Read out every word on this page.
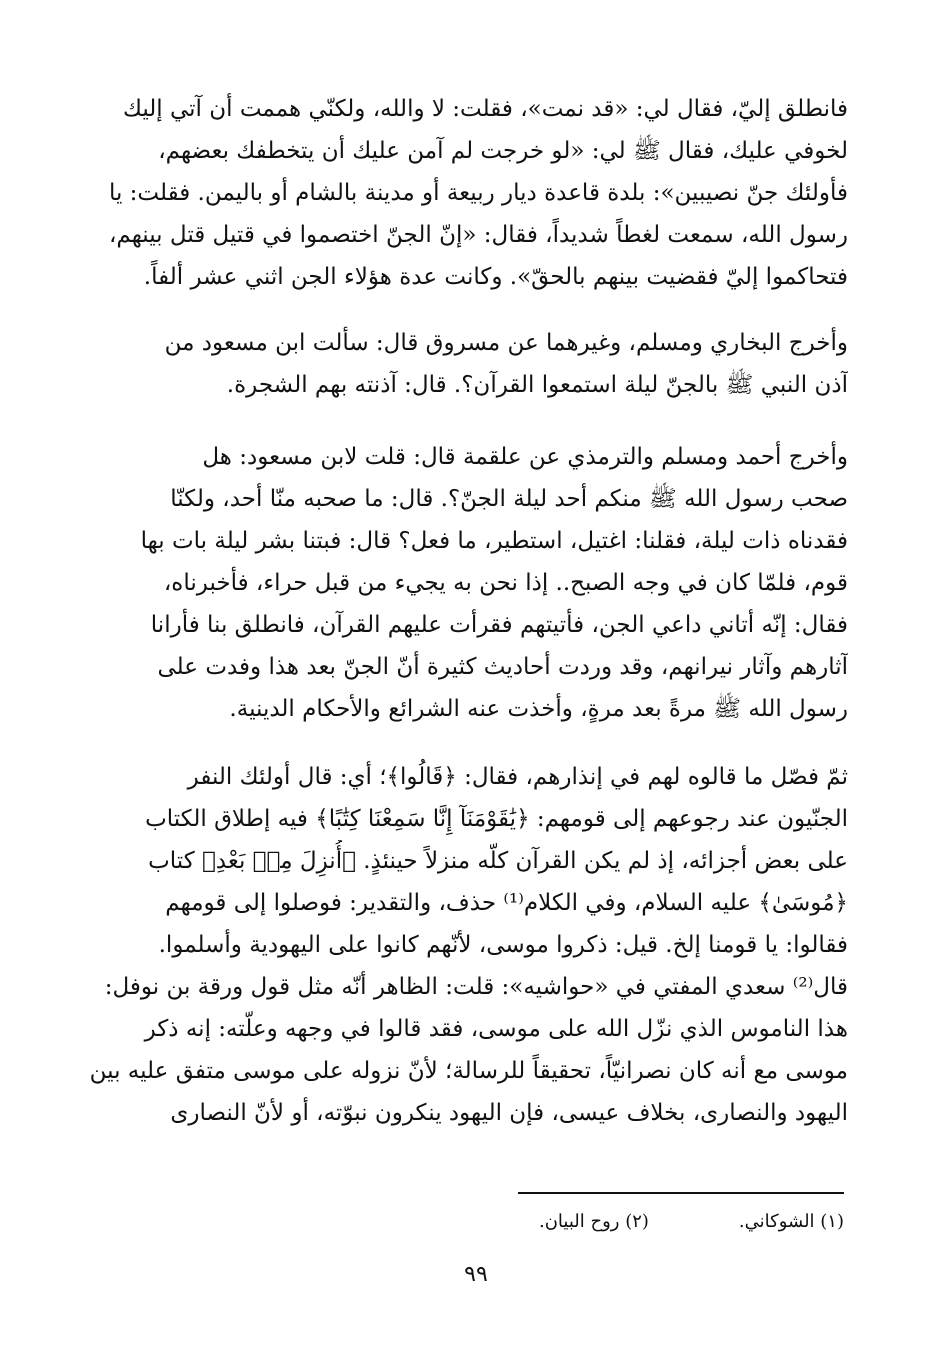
فانطلق إليّ، فقال لي: «قد نمت»، فقلت: لا والله، ولكنّي هممت أن آتي إليك
لخوفي عليك، فقال ﷺ لي: «لو خرجت لم آمن عليك أن يتخطفك بعضهم،
فأولئك جنّ نصيبين»: بلدة قاعدة ديار ربيعة أو مدينة بالشام أو باليمن. فقلت: يا
رسول الله، سمعت لغطاً شديداً، فقال: «إنّ الجنّ اختصموا في قتيل قتل بينهم،
فتحاكموا إليّ فقضيت بينهم بالحقّ». وكانت عدة هؤلاء الجن اثني عشر ألفاً.
وأخرج البخاري ومسلم، وغيرهما عن مسروق قال: سألت ابن مسعود من
آذن النبي ﷺ بالجنّ ليلة استمعوا القرآن؟. قال: آذنته بهم الشجرة.
وأخرج أحمد ومسلم والترمذي عن علقمة قال: قلت لابن مسعود: هل
صحب رسول الله ﷺ منكم أحد ليلة الجنّ؟. قال: ما صحبه منّا أحد، ولكنّا
فقدناه ذات ليلة، فقلنا: اغتيل، استطير، ما فعل؟ قال: فبتنا بشر ليلة بات بها
قوم، فلمّا كان في وجه الصبح.. إذا نحن به يجيء من قبل حراء، فأخبرناه،
فقال: إنّه أتاني داعي الجن، فأتيتهم فقرأت عليهم القرآن، فانطلق بنا فأرانا
آثارهم وآثار نيرانهم، وقد وردت أحاديث كثيرة أنّ الجنّ بعد هذا وفدت على
رسول الله ﷺ مرةً بعد مرةٍ، وأخذت عنه الشرائع والأحكام الدينية.
ثمّ فصّل ما قالوه لهم في إنذارهم، فقال: ﴿قَالُوا﴾؛ أي: قال أولئك النفر
الجنّيون عند رجوعهم إلى قومهم: ﴿يَٰقَوْمَنَآ إِنَّا سَمِعْنَا كِتَٰبًا﴾ فيه إطلاق الكتاب
على بعض أجزائه، إذ لم يكن القرآن كلّه منزلاً حينئذٍ. ﴿أُنزِلَ مِنۢ بَعْدِ﴾ كتاب
﴿مُوسَىٰ﴾ عليه السلام، وفي الكلام⁽¹⁾ حذف، والتقدير: فوصلوا إلى قومهم
فقالوا: يا قومنا إلخ. قيل: ذكروا موسى، لأنّهم كانوا على اليهودية وأسلموا.
قال⁽²⁾ سعدي المفتي في «حواشيه»: قلت: الظاهر أنّه مثل قول ورقة بن نوفل:
هذا الناموس الذي نزّل الله على موسى، فقد قالوا في وجهه وعلّته: إنه ذكر
موسى مع أنه كان نصرانيّاً، تحقيقاً للرسالة؛ لأنّ نزوله على موسى متفق عليه بين
اليهود والنصارى، بخلاف عيسى، فإن اليهود ينكرون نبوّته، أو لأنّ النصارى
(١) الشوكاني.
(٢) روح البيان.
٩٩
